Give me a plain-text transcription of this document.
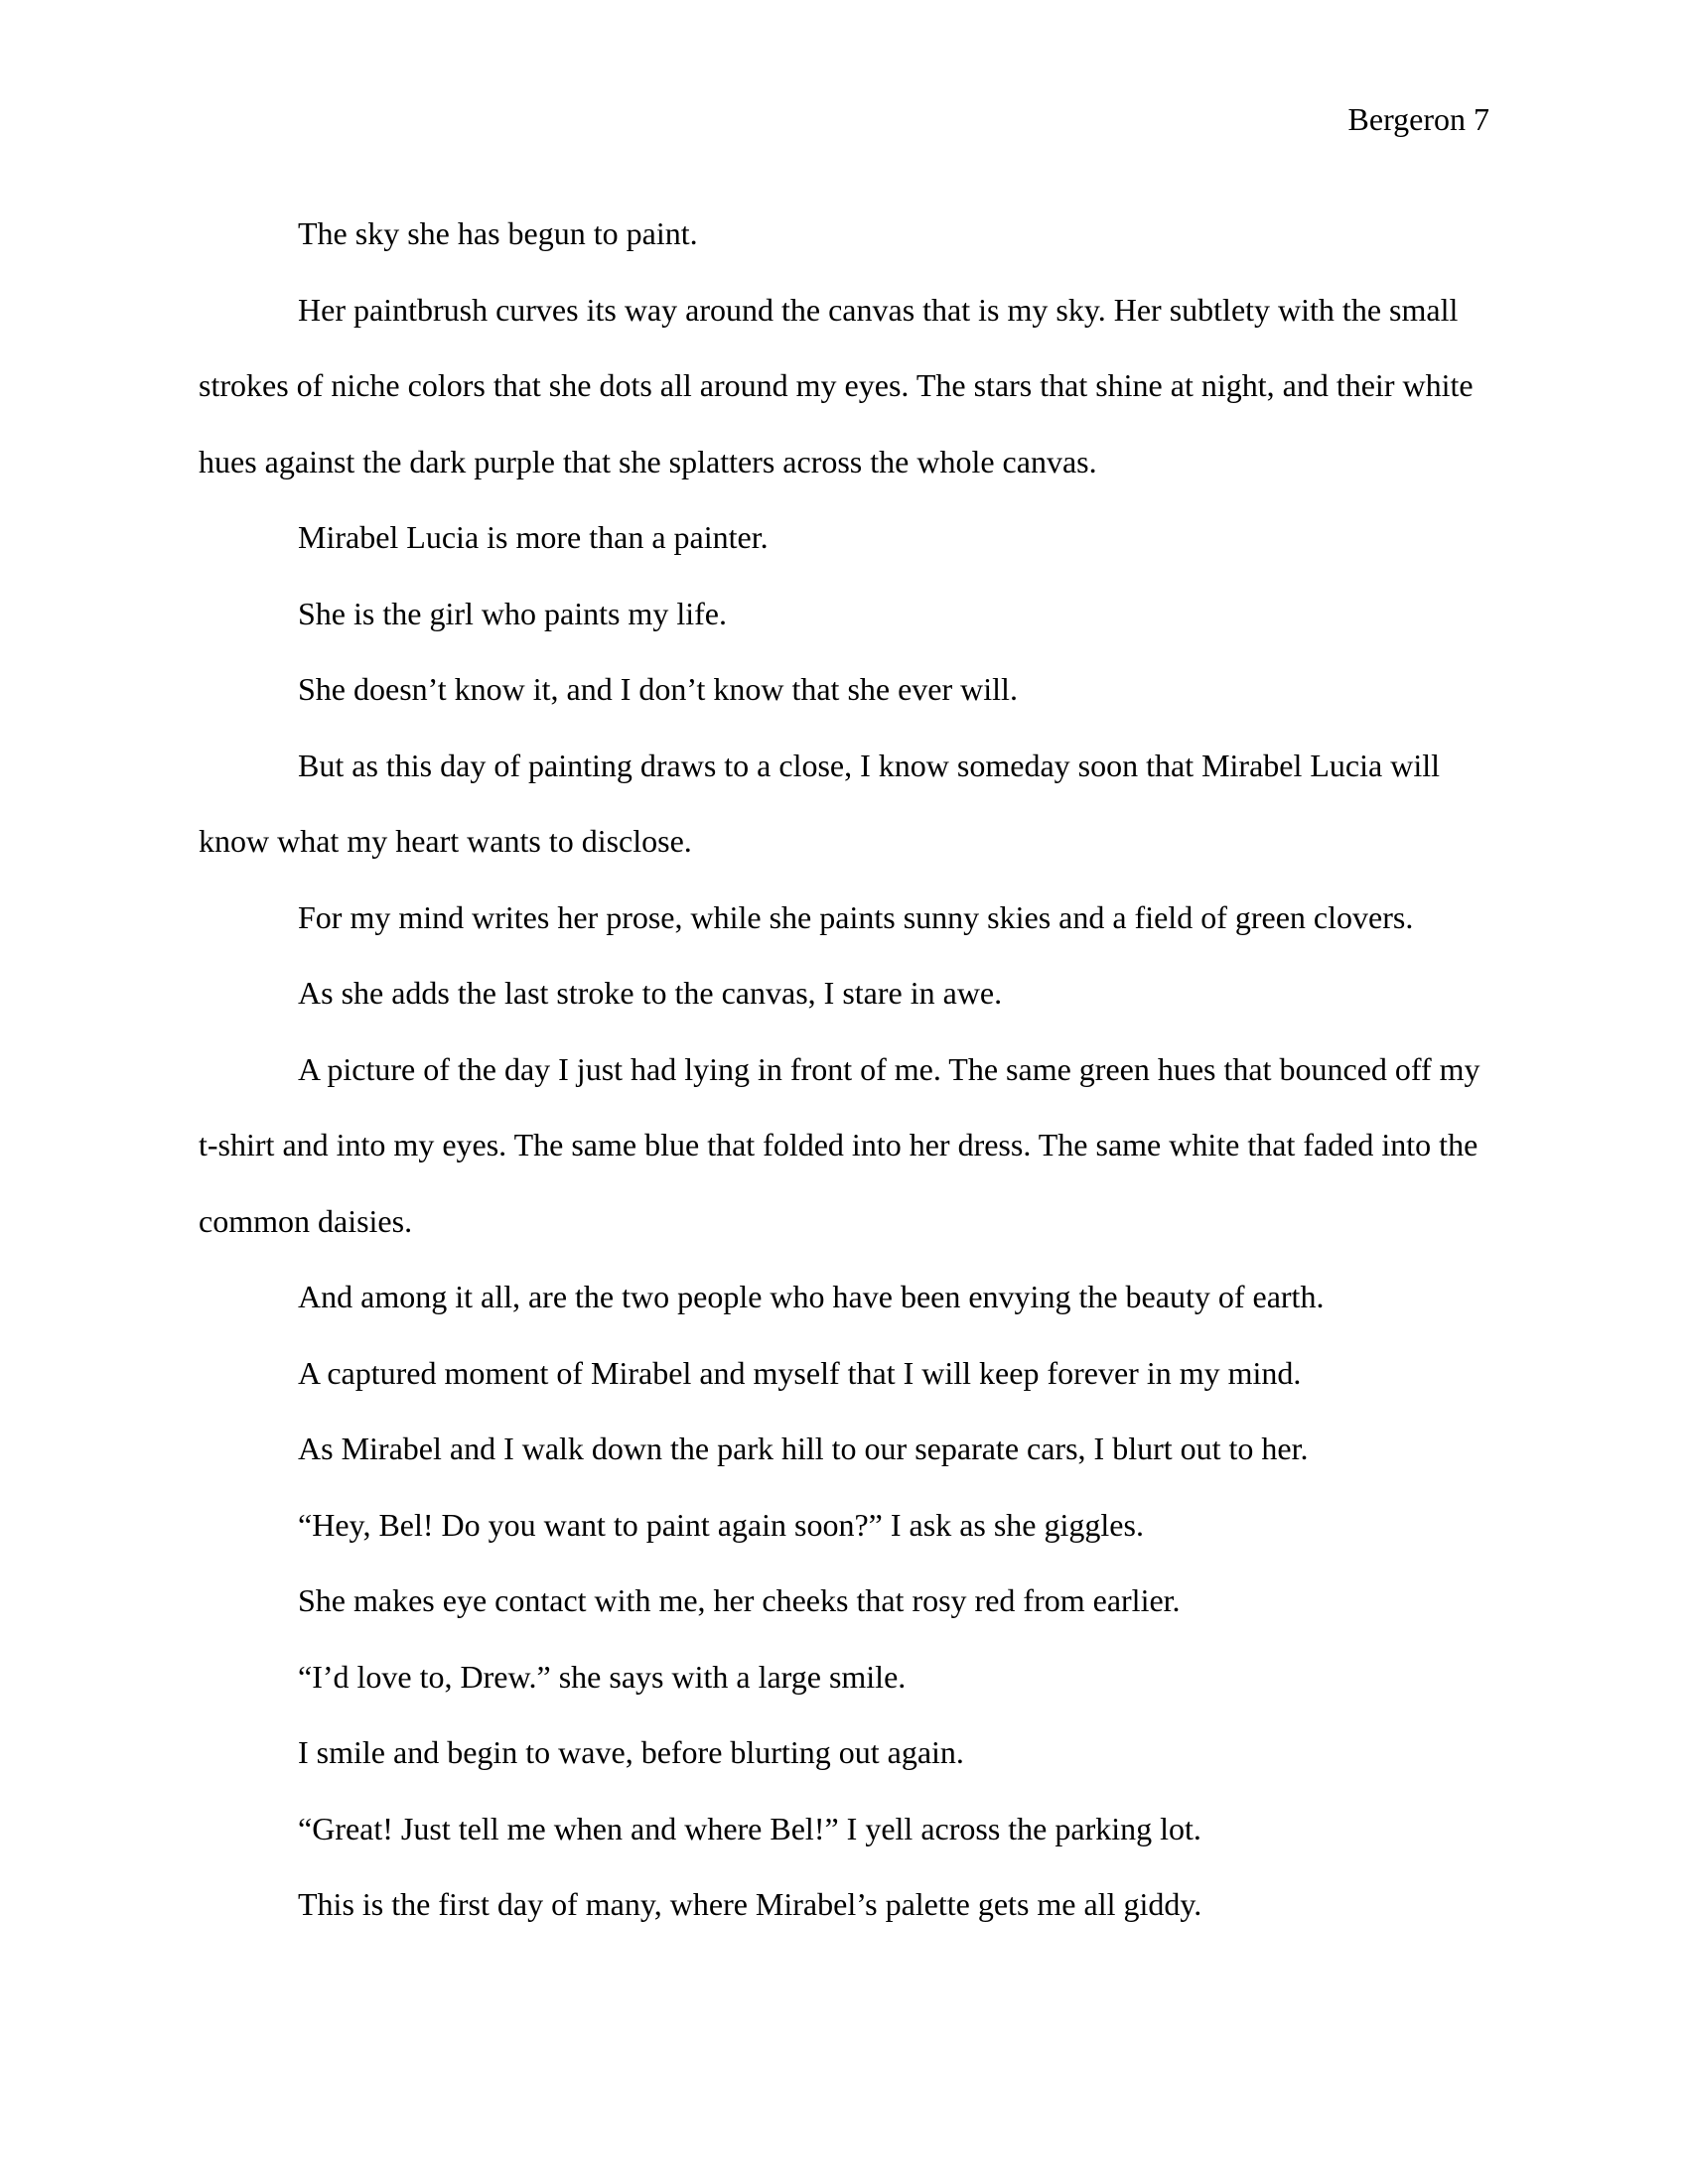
Bergeron 7

The sky she has begun to paint.

Her paintbrush curves its way around the canvas that is my sky. Her subtlety with the small strokes of niche colors that she dots all around my eyes. The stars that shine at night, and their white hues against the dark purple that she splatters across the whole canvas.

Mirabel Lucia is more than a painter.

She is the girl who paints my life.

She doesn’t know it, and I don’t know that she ever will.

But as this day of painting draws to a close, I know someday soon that Mirabel Lucia will know what my heart wants to disclose.

For my mind writes her prose, while she paints sunny skies and a field of green clovers.

As she adds the last stroke to the canvas, I stare in awe.

A picture of the day I just had lying in front of me. The same green hues that bounced off my t-shirt and into my eyes. The same blue that folded into her dress. The same white that faded into the common daisies.

And among it all, are the two people who have been envying the beauty of earth.

A captured moment of Mirabel and myself that I will keep forever in my mind.

As Mirabel and I walk down the park hill to our separate cars, I blurt out to her.

“Hey, Bel! Do you want to paint again soon?” I ask as she giggles.

She makes eye contact with me, her cheeks that rosy red from earlier.

“I’d love to, Drew.” she says with a large smile.

I smile and begin to wave, before blurting out again.

“Great! Just tell me when and where Bel!” I yell across the parking lot.

This is the first day of many, where Mirabel’s palette gets me all giddy.
